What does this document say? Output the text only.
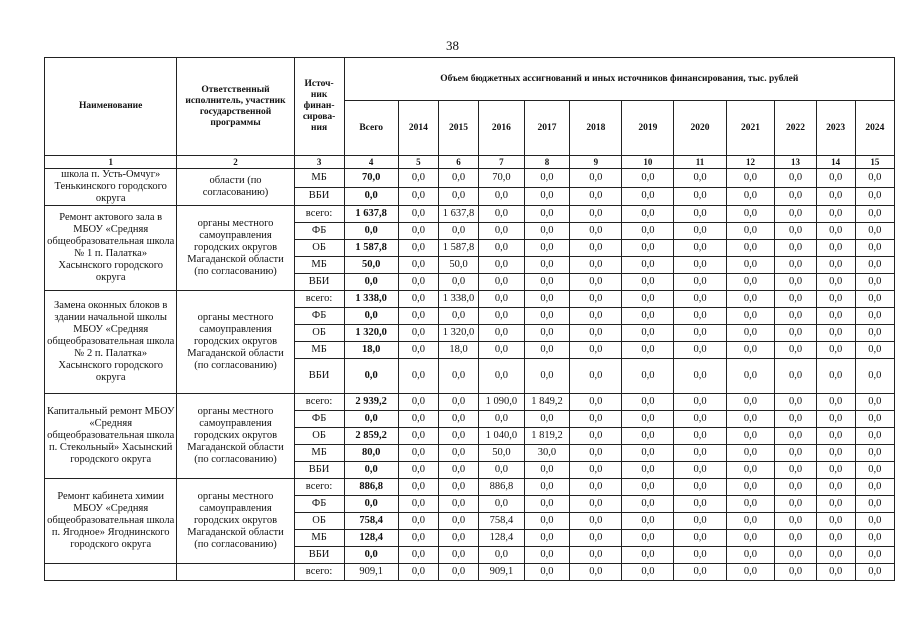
38
Наименование	Ответственный исполнитель, участник государственной программы	Источ-ник финан-сирова-ния	Объем бюджетных ассигнований и иных источников финансирования, тыс. рублей											
			Всего	2014	2015	2016	2017	2018	2019	2020	2021	2022	2023	2024
1	2	3	4	5	6	7	8	9	10	11	12	13	14	15
школа п. Усть-Омчуг» Тенькинского городского округа	области (по согласованию)	МБ	70,0	0,0	0,0	70,0	0,0	0,0	0,0	0,0	0,0	0,0	0,0	0,0
		ВБИ	0,0	0,0	0,0	0,0	0,0	0,0	0,0	0,0	0,0	0,0	0,0	0,0
Ремонт актового зала в МБОУ «Средняя общеобразовательная школа № 1 п. Палатка» Хасынского городского округа	органы местного самоуправления городских округов Магаданской области (по согласованию)	всего:	1 637,8	0,0	1 637,8	0,0	0,0	0,0	0,0	0,0	0,0	0,0	0,0	0,0
		ФБ	0,0	0,0	0,0	0,0	0,0	0,0	0,0	0,0	0,0	0,0	0,0	0,0
		ОБ	1 587,8	0,0	1 587,8	0,0	0,0	0,0	0,0	0,0	0,0	0,0	0,0	0,0
		МБ	50,0	0,0	50,0	0,0	0,0	0,0	0,0	0,0	0,0	0,0	0,0	0,0
		ВБИ	0,0	0,0	0,0	0,0	0,0	0,0	0,0	0,0	0,0	0,0	0,0	0,0
Замена оконных блоков в здании начальной школы МБОУ «Средняя общеобразовательная школа № 2 п. Палатка» Хасынского городского округа	органы местного самоуправления городских округов Магаданской области (по согласованию)	всего:	1 338,0	0,0	1 338,0	0,0	0,0	0,0	0,0	0,0	0,0	0,0	0,0	0,0
		ФБ	0,0	0,0	0,0	0,0	0,0	0,0	0,0	0,0	0,0	0,0	0,0	0,0
		ОБ	1 320,0	0,0	1 320,0	0,0	0,0	0,0	0,0	0,0	0,0	0,0	0,0	0,0
		МБ	18,0	0,0	18,0	0,0	0,0	0,0	0,0	0,0	0,0	0,0	0,0	0,0
		ВБИ	0,0	0,0	0,0	0,0	0,0	0,0	0,0	0,0	0,0	0,0	0,0	0,0
Капитальный ремонт МБОУ «Средняя общеобразовательная школа п. Стекольный» Хасынский городского округа	органы местного самоуправления городских округов Магаданской области (по согласованию)	всего:	2 939,2	0,0	0,0	1 090,0	1 849,2	0,0	0,0	0,0	0,0	0,0	0,0	0,0
		ФБ	0,0	0,0	0,0	0,0	0,0	0,0	0,0	0,0	0,0	0,0	0,0	0,0
		ОБ	2 859,2	0,0	0,0	1 040,0	1 819,2	0,0	0,0	0,0	0,0	0,0	0,0	0,0
		МБ	80,0	0,0	0,0	50,0	30,0	0,0	0,0	0,0	0,0	0,0	0,0	0,0
		ВБИ	0,0	0,0	0,0	0,0	0,0	0,0	0,0	0,0	0,0	0,0	0,0	0,0
Ремонт кабинета химии МБОУ «Средняя общеобразовательная школа п. Ягодное» Ягоднинского городского округа	органы местного самоуправления городских округов Магаданской области (по согласованию)	всего:	886,8	0,0	0,0	886,8	0,0	0,0	0,0	0,0	0,0	0,0	0,0	0,0
		ФБ	0,0	0,0	0,0	0,0	0,0	0,0	0,0	0,0	0,0	0,0	0,0	0,0
		ОБ	758,4	0,0	0,0	758,4	0,0	0,0	0,0	0,0	0,0	0,0	0,0	0,0
		МБ	128,4	0,0	0,0	128,4	0,0	0,0	0,0	0,0	0,0	0,0	0,0	0,0
		ВБИ	0,0	0,0	0,0	0,0	0,0	0,0	0,0	0,0	0,0	0,0	0,0	0,0
		всего:	909,1	0,0	0,0	909,1	0,0	0,0	0,0	0,0	0,0	0,0	0,0	0,0
